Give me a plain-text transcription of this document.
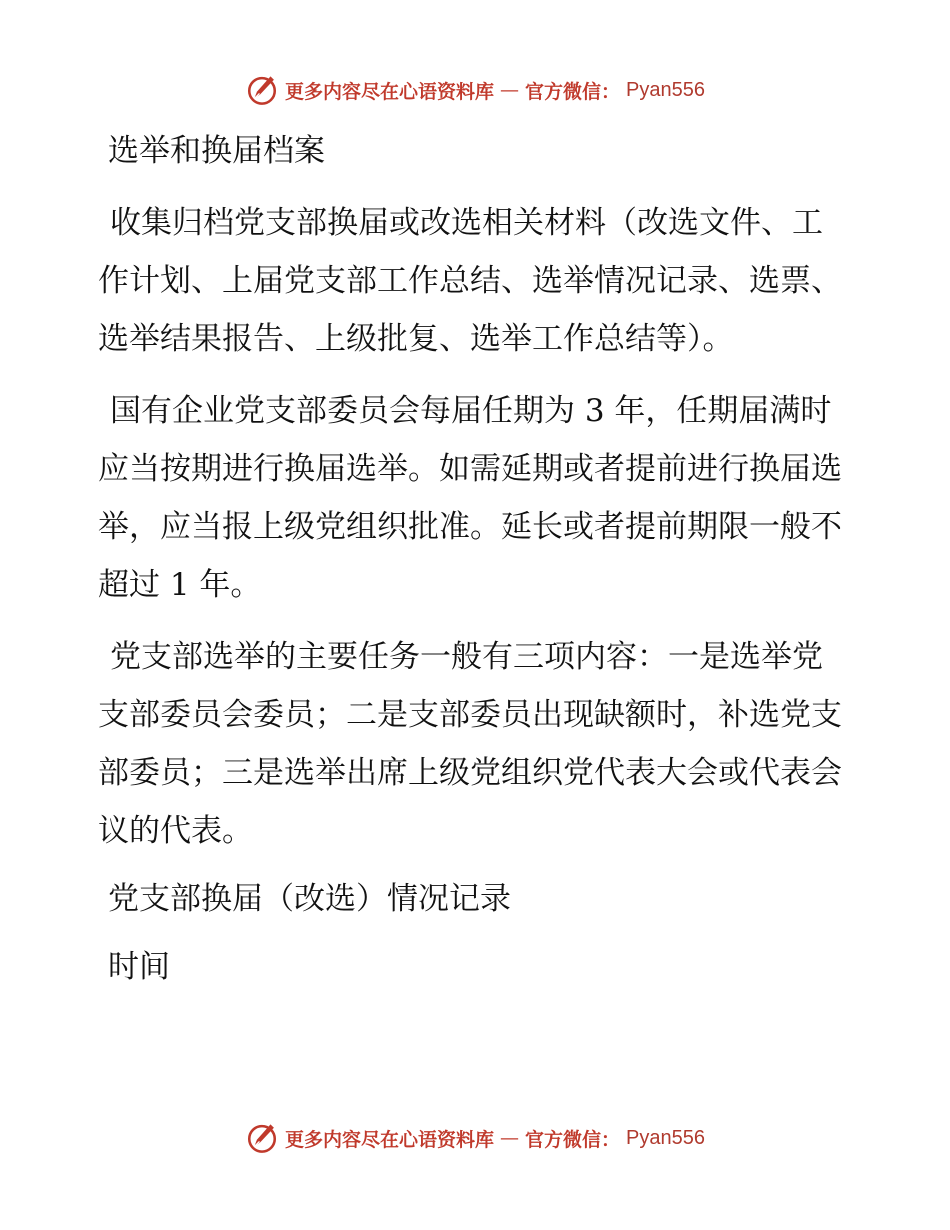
更多内容尽在心语资料库 — 官方微信： Pyan556

选举和换届档案

收集归档党支部换届或改选相关材料（改选文件、工作计划、上届党支部工作总结、选举情况记录、选票、选举结果报告、上级批复、选举工作总结等）。

国有企业党支部委员会每届任期为 3 年，任期届满时应当按期进行换届选举。如需延期或者提前进行换届选举，应当报上级党组织批准。延长或者提前期限一般不超过 1 年。

党支部选举的主要任务一般有三项内容：一是选举党支部委员会委员；二是支部委员出现缺额时，补选党支部委员；三是选举出席上级党组织党代表大会或代表会议的代表。

党支部换届（改选）情况记录

时间

更多内容尽在心语资料库 — 官方微信： Pyan556
